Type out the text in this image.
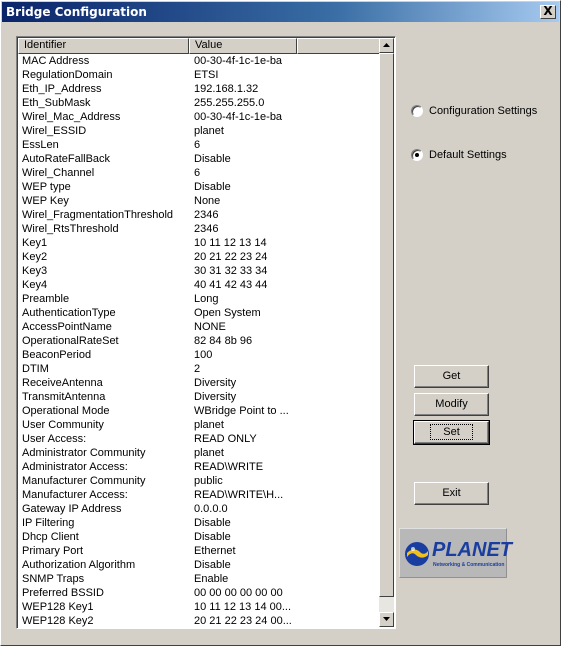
Bridge Configuration	X
Identifier	Value
MAC Address	00-30-4f-1c-1e-ba
RegulationDomain	ETSI
Eth_IP_Address	192.168.1.32
Eth_SubMask	255.255.255.0
Wirel_Mac_Address	00-30-4f-1c-1e-ba
Wirel_ESSID	planet
EssLen	6
AutoRateFallBack	Disable
Wirel_Channel	6
WEP type	Disable
WEP Key	None
Wirel_FragmentationThreshold	2346
Wirel_RtsThreshold	2346
Key1	10 11 12 13 14
Key2	20 21 22 23 24
Key3	30 31 32 33 34
Key4	40 41 42 43 44
Preamble	Long
AuthenticationType	Open System
AccessPointName	NONE
OperationalRateSet	82 84 8b 96
BeaconPeriod	100
DTIM	2
ReceiveAntenna	Diversity
TransmitAntenna	Diversity
Operational Mode	WBridge Point to ...
User Community	planet
User Access:	READ ONLY
Administrator Community	planet
Administrator Access:	READ\WRITE
Manufacturer Community	public
Manufacturer Access:	READ\WRITE\H...
Gateway IP Address	0.0.0.0
IP Filtering	Disable
Dhcp Client	Disable
Primary Port	Ethernet
Authorization Algorithm	Disable
SNMP Traps	Enable
Preferred BSSID	00 00 00 00 00 00
WEP128 Key1	10 11 12 13 14 00...
WEP128 Key2	20 21 22 23 24 00...
Configuration Settings
Default Settings
Get
Modify
Set
Exit
PLANET
Networking & Communication
